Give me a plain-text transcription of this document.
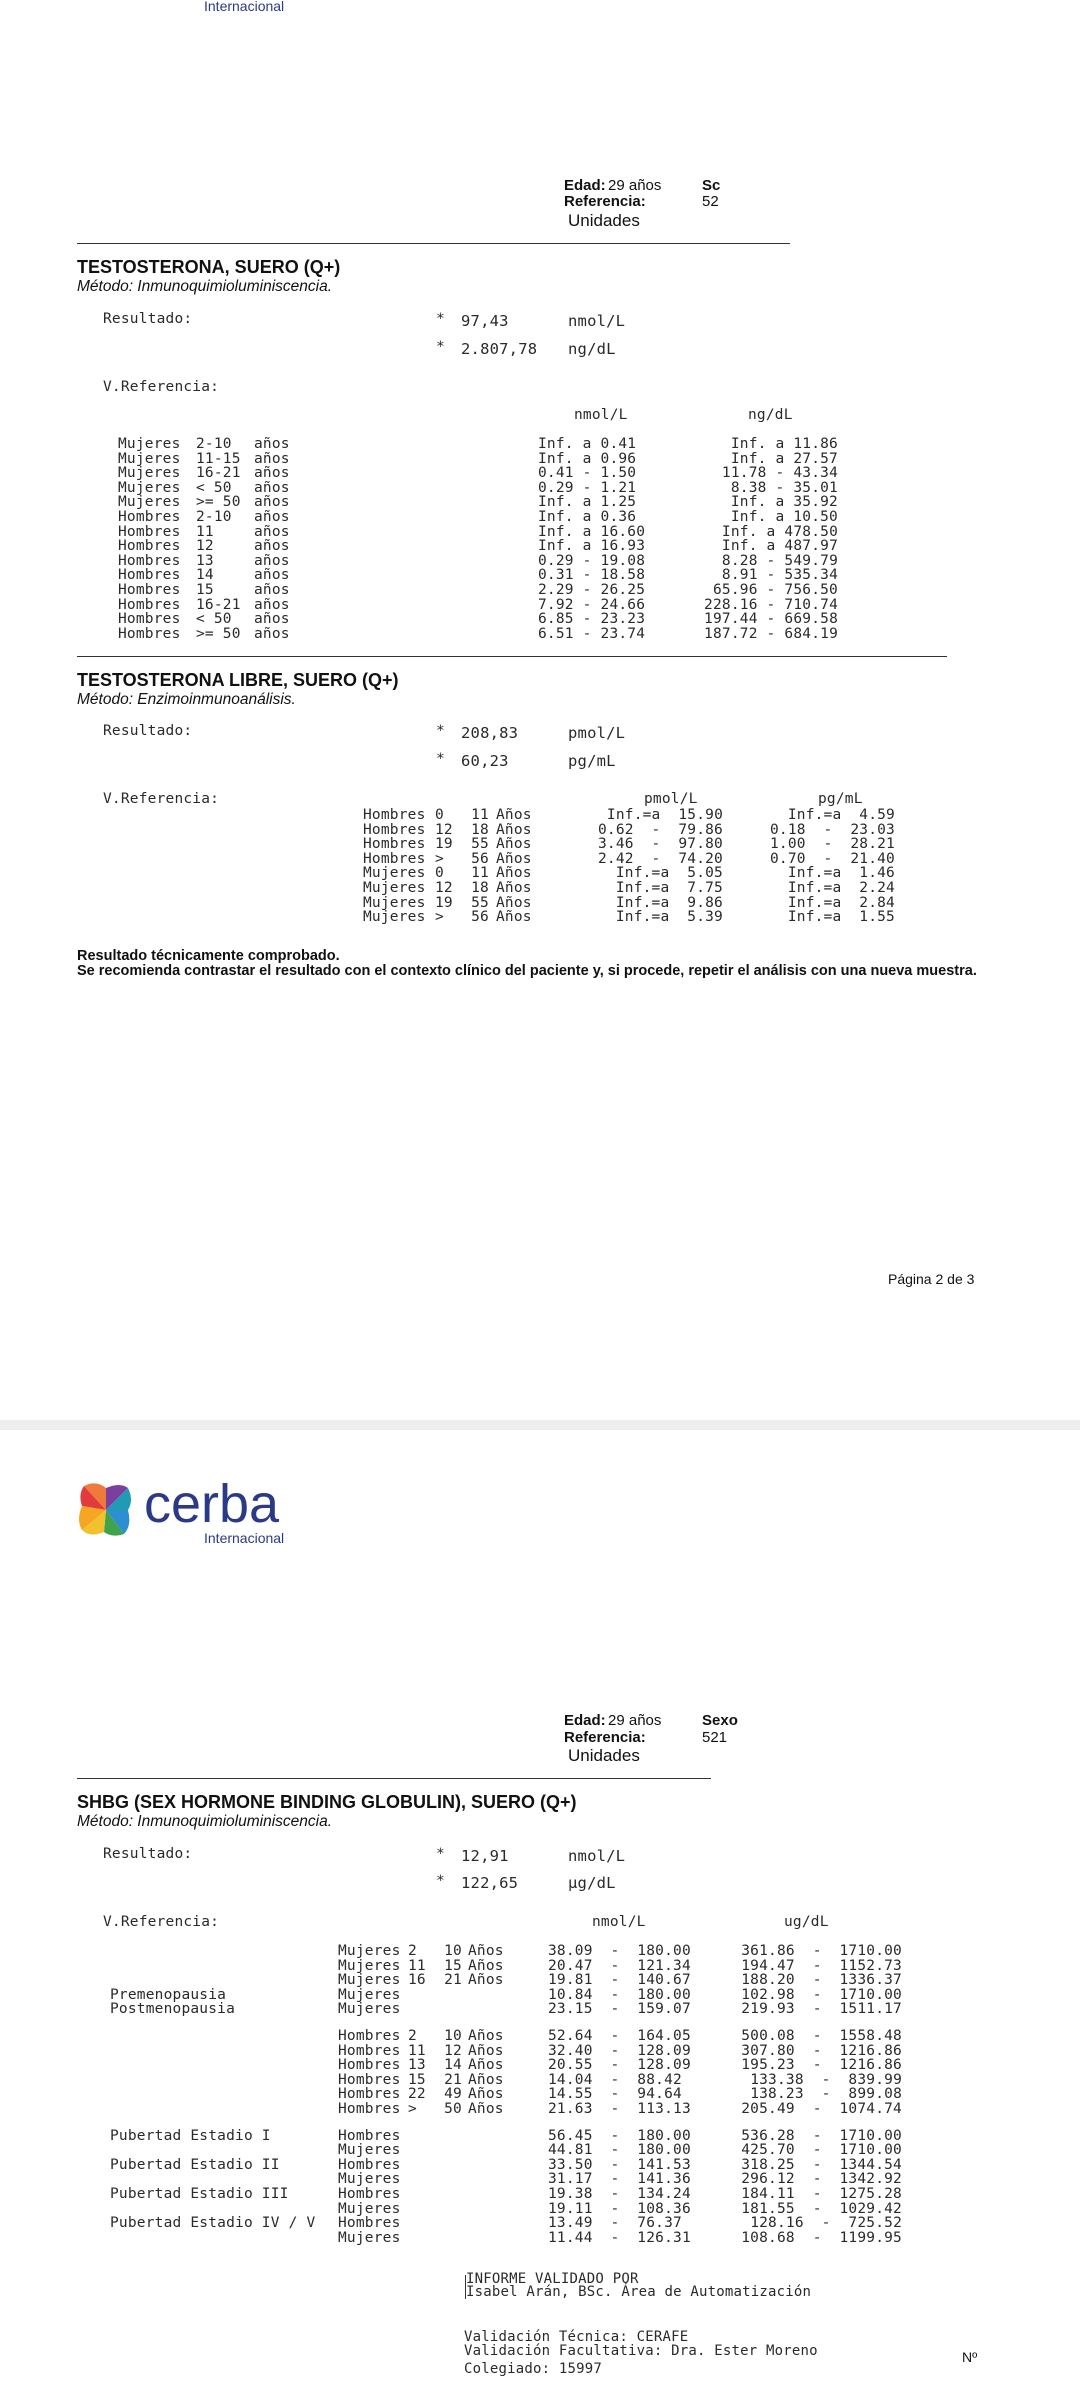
Internacional
Edad: 29 años	Sc
Referencia:	52
Unidades
TESTOSTERONA, SUERO (Q+)
Método: Inmunoquimioluminiscencia.
Resultado:	* 97,43	nmol/L
* 2.807,78 ng/dL
V.Referencia:
nmol/L	ng/dL
Mujeres	2-10	años	Inf. a 0.41	Inf. a 11.86
Mujeres	11-15 años	Inf. a 0.96	Inf. a 27.57
Mujeres	16-21 años	0.41 - 1.50	11.78 - 43.34
Mujeres	< 50	años	0.29 - 1.21	8.38 - 35.01
Mujeres	>= 50 años	Inf. a 1.25	Inf. a 35.92
Hombres	2-10	años	Inf. a 0.36	Inf. a 10.50
Hombres	11	años	Inf. a 16.60	Inf. a 478.50
Hombres	12	años	Inf. a 16.93	Inf. a 487.97
Hombres	13	años	0.29 - 19.08	8.28 - 549.79
Hombres	14	años	0.31 - 18.58	8.91 - 535.34
Hombres	15	años	2.29 - 26.25	65.96 - 756.50
Hombres	16-21 años	7.92 - 24.66	228.16 - 710.74
Hombres	< 50	años	6.85 - 23.23	197.44 - 669.58
Hombres	>= 50 años	6.51 - 23.74	187.72 - 684.19
TESTOSTERONA LIBRE, SUERO (Q+)
Método: Enzimoinmunoanálisis.
Resultado:	* 208,83	pmol/L
* 60,23	pg/mL
V.Referencia:	pmol/L	pg/mL
Hombres 0	11 Años	Inf.=a  15.90	Inf.=a  4.59
Hombres 12	18 Años	0.62  -  79.86	0.18  -  23.03
Hombres 19	55 Años	3.46  -  97.80	1.00  -  28.21
Hombres >	56 Años	2.42  -  74.20	0.70  -  21.40
Mujeres 0	11 Años	Inf.=a  5.05	Inf.=a  1.46
Mujeres 12	18 Años	Inf.=a  7.75	Inf.=a  2.24
Mujeres 19	55 Años	Inf.=a  9.86	Inf.=a  2.84
Mujeres >	56 Años	Inf.=a  5.39	Inf.=a  1.55
Resultado técnicamente comprobado.
Se recomienda contrastar el resultado con el contexto clínico del paciente y, si procede, repetir el análisis con una nueva muestra.
Página 2 de 3
cerba
Internacional
Edad: 29 años	Sexo
Referencia:	521
Unidades
SHBG (SEX HORMONE BINDING GLOBULIN), SUERO (Q+)
Método: Inmunoquimioluminiscencia.
Resultado:	* 12,91	nmol/L
* 122,65	µg/dL
V.Referencia:	nmol/L	ug/dL
Mujeres 2	10 Años	38.09  -  180.00	361.86  -  1710.00
Mujeres 11	15 Años	20.47  -  121.34	194.47  -  1152.73
Mujeres 16	21 Años	19.81  -  140.67	188.20  -  1336.37
Premenopausia	Mujeres	10.84  -  180.00	102.98  -  1710.00
Postmenopausia	Mujeres	23.15  -  159.07	219.93  -  1511.17
Hombres 2	10 Años	52.64  -  164.05	500.08  -  1558.48
Hombres 11	12 Años	32.40  -  128.09	307.80  -  1216.86
Hombres 13	14 Años	20.55  -  128.09	195.23  -  1216.86
Hombres 15	21 Años	14.04  -  88.42	133.38  -  839.99
Hombres 22	49 Años	14.55  -  94.64	138.23  -  899.08
Hombres >	50 Años	21.63  -  113.13	205.49  -  1074.74
Pubertad Estadio I	Hombres	56.45  -  180.00	536.28  -  1710.00
Mujeres	44.81  -  180.00	425.70  -  1710.00
Pubertad Estadio II	Hombres	33.50  -  141.53	318.25  -  1344.54
Mujeres	31.17  -  141.36	296.12  -  1342.92
Pubertad Estadio III	Hombres	19.38  -  134.24	184.11  -  1275.28
Mujeres	19.11  -  108.36	181.55  -  1029.42
Pubertad Estadio IV / V	Hombres	13.49  -  76.37	128.16  -  725.52
Mujeres	11.44  -  126.31	108.68  -  1199.95
INFORME VALIDADO POR
Isabel Arán, BSc. Área de Automatización
Validación Técnica: CERAFE
Validación Facultativa: Dra. Ester Moreno
Colegiado: 15997
Nº
